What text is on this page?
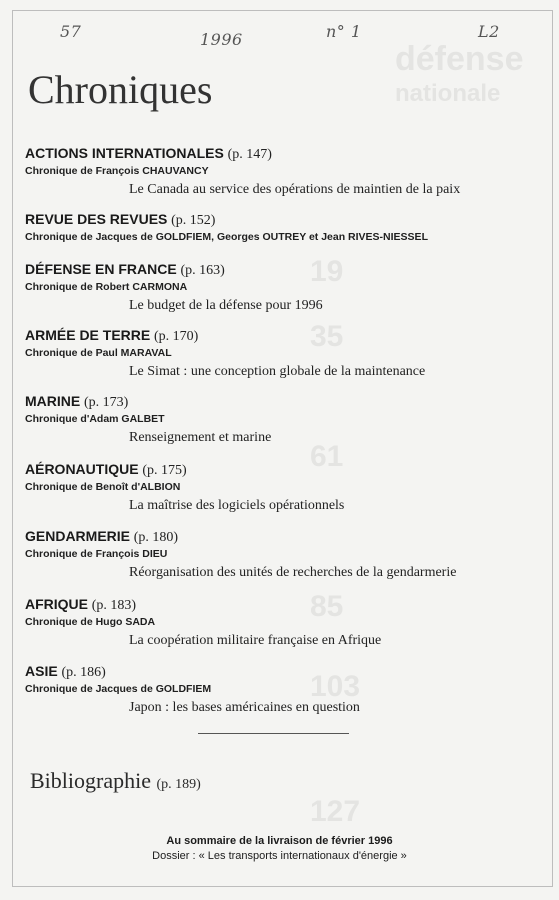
défense
nationale
19
35
61
85
103
127
57	1996	n° 1	L2
Chroniques
ACTIONS INTERNATIONALES (p. 147)
Chronique de François CHAUVANCY
Le Canada au service des opérations de maintien de la paix
REVUE DES REVUES (p. 152)
Chronique de Jacques de GOLDFIEM, Georges OUTREY et Jean RIVES-NIESSEL
DÉFENSE EN FRANCE (p. 163)
Chronique de Robert CARMONA
Le budget de la défense pour 1996
ARMÉE DE TERRE (p. 170)
Chronique de Paul MARAVAL
Le Simat : une conception globale de la maintenance
MARINE (p. 173)
Chronique d'Adam GALBET
Renseignement et marine
AÉRONAUTIQUE (p. 175)
Chronique de Benoît d'ALBION
La maîtrise des logiciels opérationnels
GENDARMERIE (p. 180)
Chronique de François DIEU
Réorganisation des unités de recherches de la gendarmerie
AFRIQUE (p. 183)
Chronique de Hugo SADA
La coopération militaire française en Afrique
ASIE (p. 186)
Chronique de Jacques de GOLDFIEM
Japon : les bases américaines en question
Bibliographie (p. 189)
Au sommaire de la livraison de février 1996
Dossier : « Les transports internationaux d'énergie »
